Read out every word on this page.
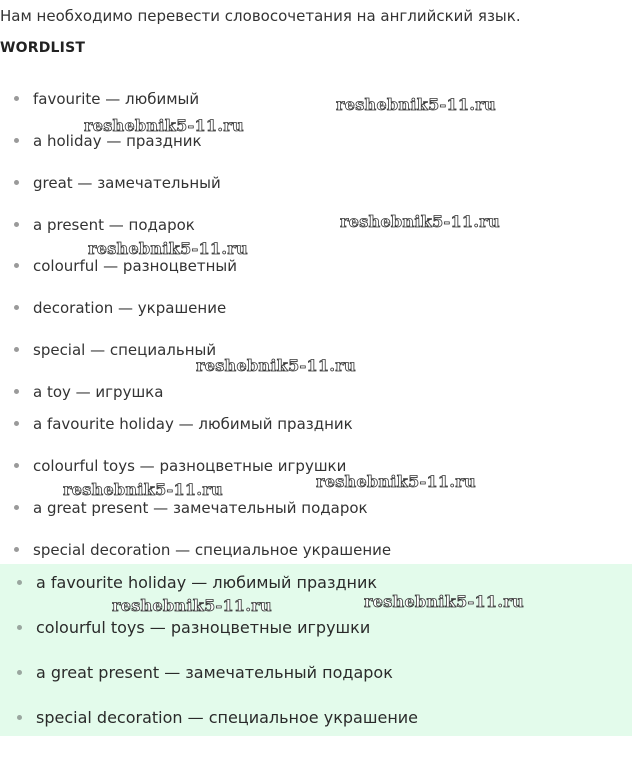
Нам необходимо перевести словосочетания на английский язык.
WORDLIST
favourite — любимый
a holiday — праздник
great — замечательный
a present — подарок
colourful — разноцветный
decoration — украшение
special — специальный
a toy — игрушка
a favourite holiday — любимый праздник
colourful toys — разноцветные игрушки
a great present — замечательный подарок
special decoration — специальное украшение
a favourite holiday — любимый праздник
colourful toys — разноцветные игрушки
a great present — замечательный подарок
special decoration — специальное украшение
reshebnik5-11.ru
reshebnik5-11.ru
reshebnik5-11.ru
reshebnik5-11.ru
reshebnik5-11.ru
reshebnik5-11.ru
reshebnik5-11.ru
reshebnik5-11.ru	reshebnik5-11.ru
